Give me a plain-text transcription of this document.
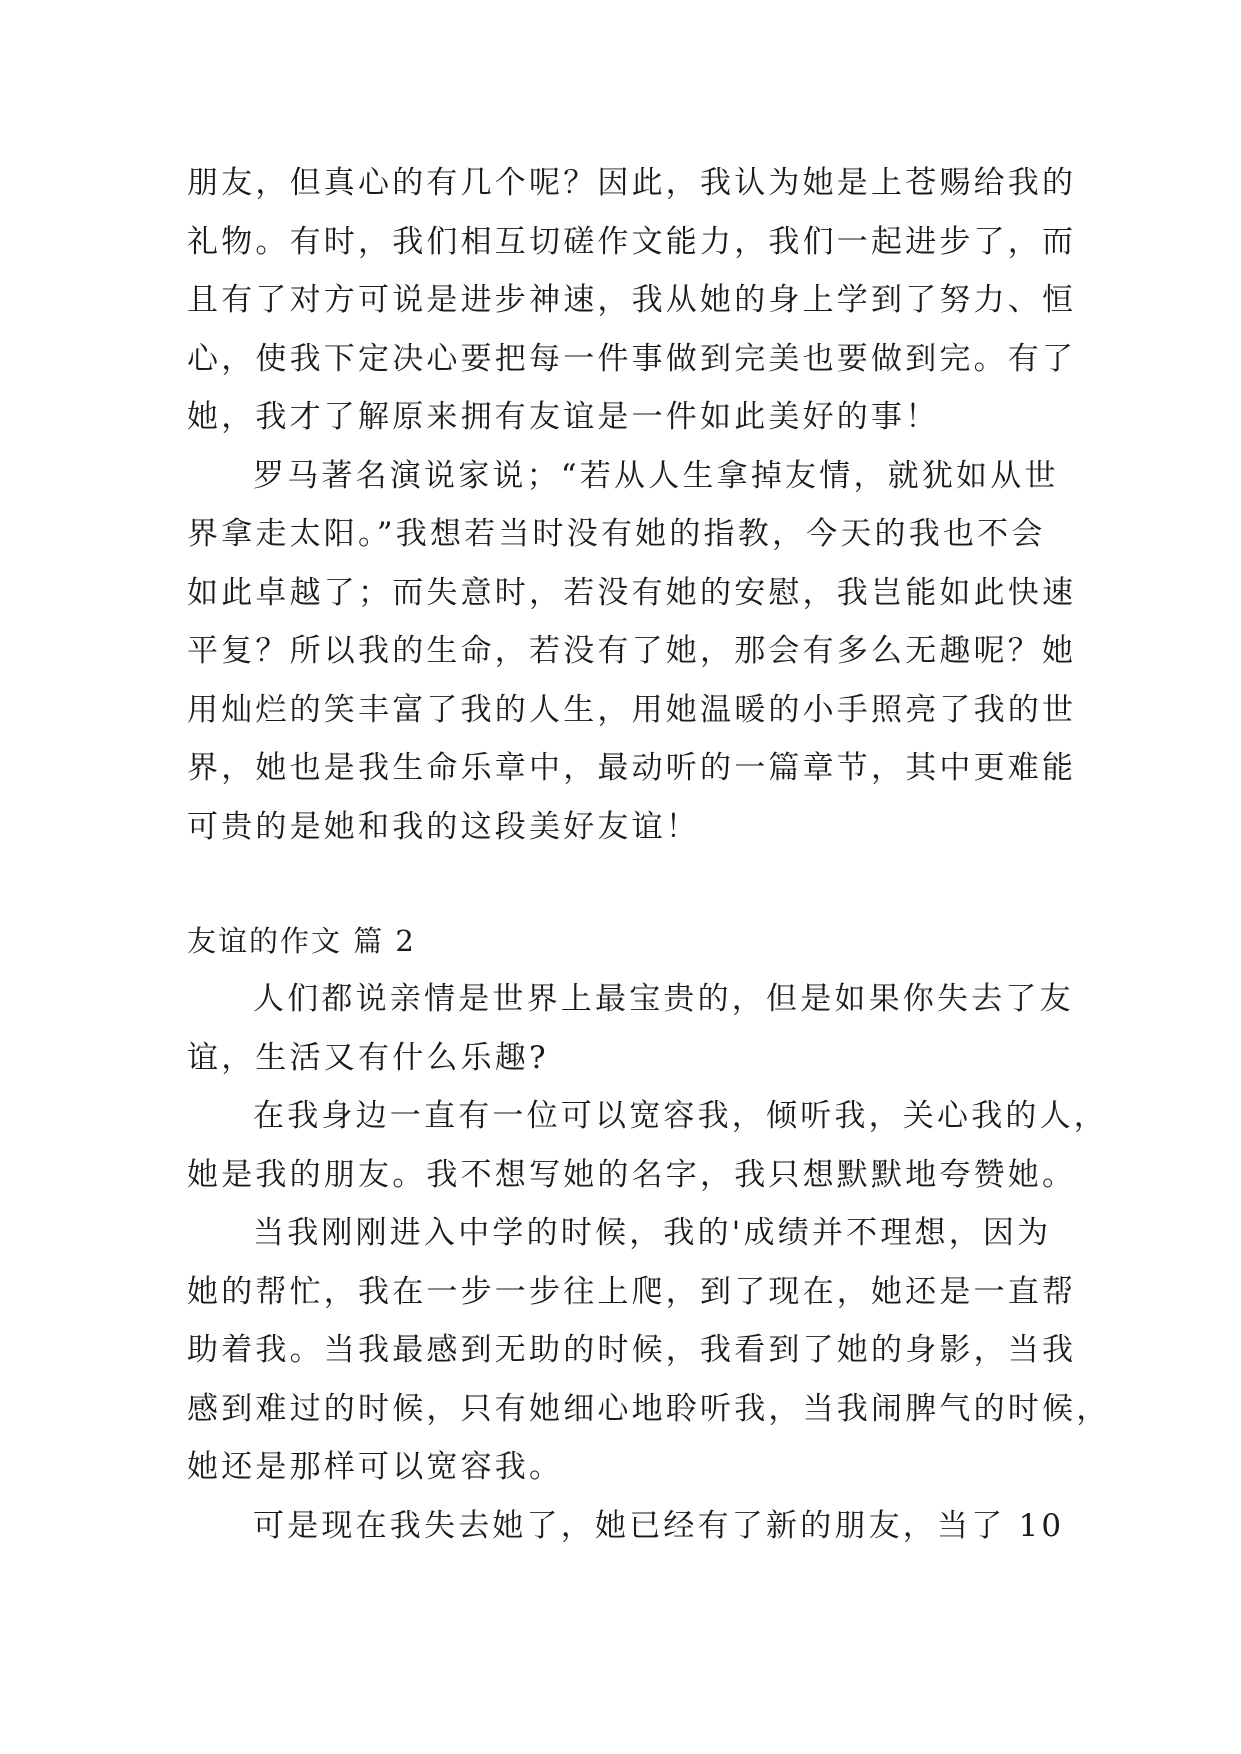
朋友，但真心的有几个呢？因此，我认为她是上苍赐给我的
礼物。有时，我们相互切磋作文能力，我们一起进步了，而
且有了对方可说是进步神速，我从她的身上学到了努力、恒
心，使我下定决心要把每一件事做到完美也要做到完。有了
她，我才了解原来拥有友谊是一件如此美好的事！
罗马著名演说家说；“若从人生拿掉友情，就犹如从世
界拿走太阳。”我想若当时没有她的指教，今天的我也不会
如此卓越了；而失意时，若没有她的安慰，我岂能如此快速
平复？所以我的生命，若没有了她，那会有多么无趣呢？她
用灿烂的笑丰富了我的人生，用她温暖的小手照亮了我的世
界，她也是我生命乐章中，最动听的一篇章节，其中更难能
可贵的是她和我的这段美好友谊！
友谊的作文 篇 2
人们都说亲情是世界上最宝贵的，但是如果你失去了友
谊，生活又有什么乐趣?
在我身边一直有一位可以宽容我，倾听我，关心我的人，
她是我的朋友。我不想写她的名字，我只想默默地夸赞她。
当我刚刚进入中学的时候，我的'成绩并不理想，因为
她的帮忙，我在一步一步往上爬，到了现在，她还是一直帮
助着我。当我最感到无助的时候，我看到了她的身影，当我
感到难过的时候，只有她细心地聆听我，当我闹脾气的时候，
她还是那样可以宽容我。
可是现在我失去她了，她已经有了新的朋友，当了 10
